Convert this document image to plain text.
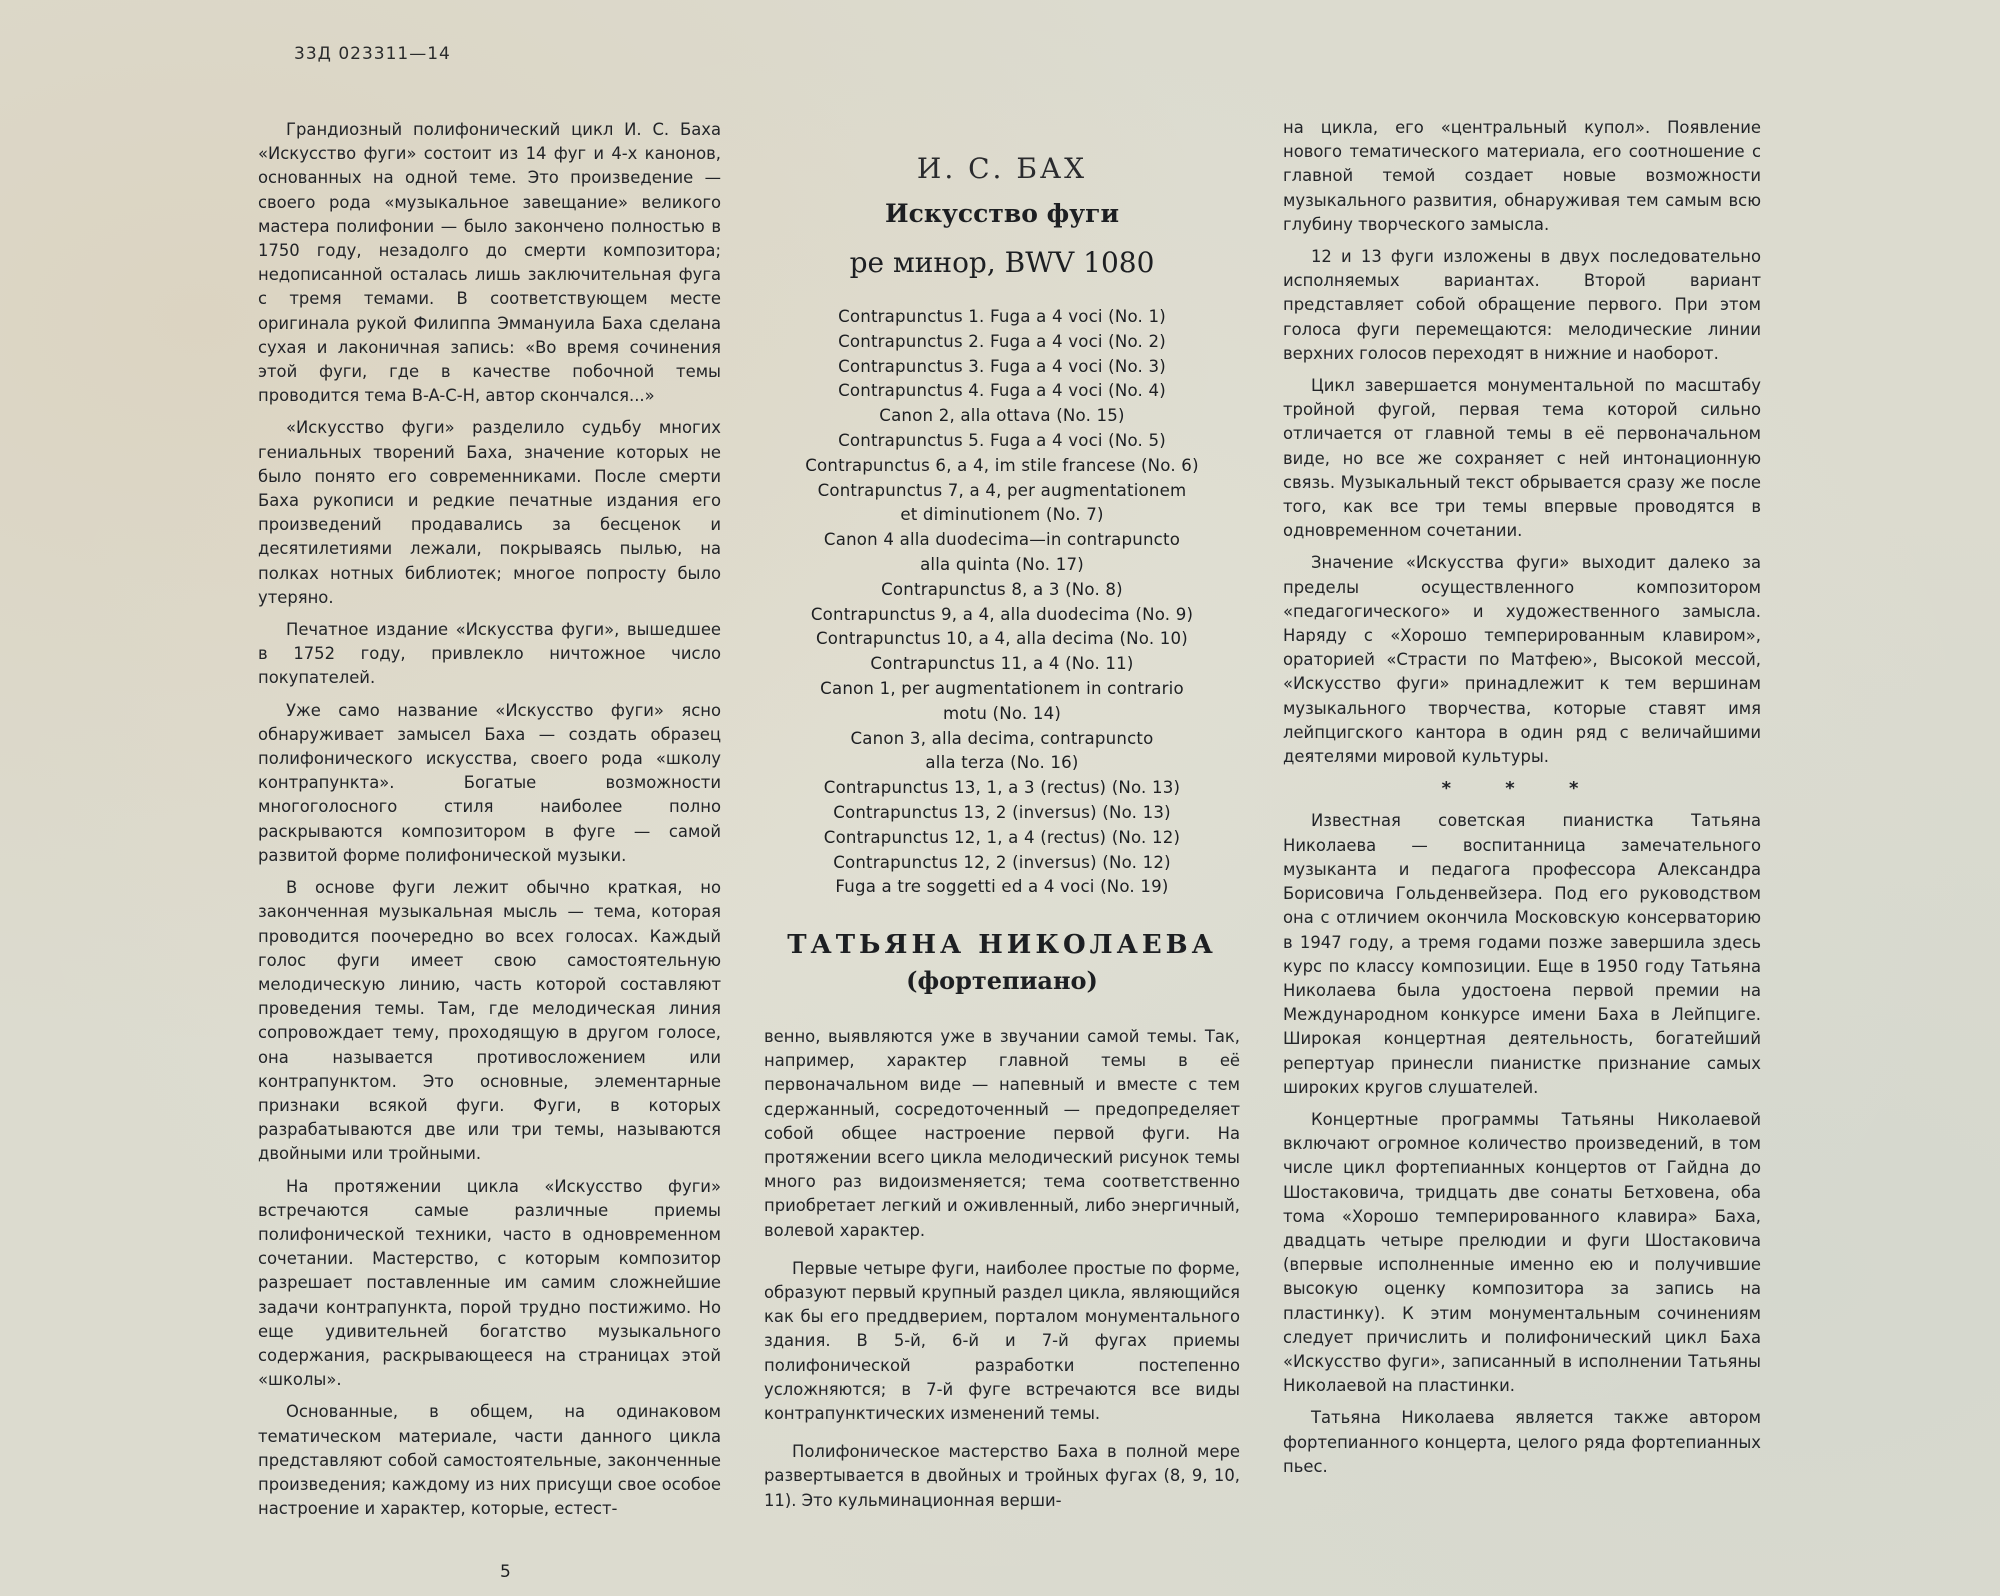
33Д 023311—14

Грандиозный полифонический цикл И. С. Баха «Искусство фуги» состоит из 14 фуг и 4-х канонов, основанных на одной теме. Это произведение — своего рода «музыкальное завещание» великого мастера полифонии — было закончено полностью в 1750 году, незадолго до смерти композитора; недописанной осталась лишь заключительная фуга с тремя темами. В соответствующем месте оригинала рукой Филиппа Эммануила Баха сделана сухая и лаконичная запись: «Во время сочинения этой фуги, где в качестве побочной темы проводится тема B-A-C-H, автор скончался...»

«Искусство фуги» разделило судьбу многих гениальных творений Баха, значение которых не было понято его современниками. После смерти Баха рукописи и редкие печатные издания его произведений продавались за бесценок и десятилетиями лежали, покрываясь пылью, на полках нотных библиотек; многое попросту было утеряно.

Печатное издание «Искусства фуги», вышедшее в 1752 году, привлекло ничтожное число покупателей.

Уже само название «Искусство фуги» ясно обнаруживает замысел Баха — создать образец полифонического искусства, своего рода «школу контрапункта». Богатые возможности многоголосного стиля наиболее полно раскрываются композитором в фуге — самой развитой форме полифонической музыки.

В основе фуги лежит обычно краткая, но законченная музыкальная мысль — тема, которая проводится поочередно во всех голосах. Каждый голос фуги имеет свою самостоятельную мелодическую линию, часть которой составляют проведения темы. Там, где мелодическая линия сопровождает тему, проходящую в другом голосе, она называется противосложением или контрапунктом. Это основные, элементарные признаки всякой фуги. Фуги, в которых разрабатываются две или три темы, называются двойными или тройными.

На протяжении цикла «Искусство фуги» встречаются самые различные приемы полифонической техники, часто в одновременном сочетании. Мастерство, с которым композитор разрешает поставленные им самим сложнейшие задачи контрапункта, порой трудно постижимо. Но еще удивительней богатство музыкального содержания, раскрывающееся на страницах этой «школы».

Основанные, в общем, на одинаковом тематическом материале, части данного цикла представляют собой самостоятельные, законченные произведения; каждому из них присущи свое особое настроение и характер, которые, естест-

И. С. БАХ
Искусство фуги
ре минор, BWV 1080
Contrapunctus 1. Fuga a 4 voci (No. 1)
Contrapunctus 2. Fuga a 4 voci (No. 2)
Contrapunctus 3. Fuga a 4 voci (No. 3)
Contrapunctus 4. Fuga a 4 voci (No. 4)
Canon 2, alla ottava (No. 15)
Contrapunctus 5. Fuga a 4 voci (No. 5)
Contrapunctus 6, a 4, im stile francese (No. 6)
Contrapunctus 7, a 4, per augmentationem
et diminutionem (No. 7)
Canon 4 alla duodecima—in contrapuncto
alla quinta (No. 17)
Contrapunctus 8, a 3 (No. 8)
Contrapunctus 9, a 4, alla duodecima (No. 9)
Contrapunctus 10, a 4, alla decima (No. 10)
Contrapunctus 11, a 4 (No. 11)
Canon 1, per augmentationem in contrario
motu (No. 14)
Canon 3, alla decima, contrapuncto
alla terza (No. 16)
Contrapunctus 13, 1, a 3 (rectus) (No. 13)
Contrapunctus 13, 2 (inversus) (No. 13)
Contrapunctus 12, 1, a 4 (rectus) (No. 12)
Contrapunctus 12, 2 (inversus) (No. 12)
Fuga a tre soggetti ed a 4 voci (No. 19)
ТАТЬЯНА НИКОЛАЕВА
(фортепиано)

венно, выявляются уже в звучании самой темы. Так, например, характер главной темы в её первоначальном виде — напевный и вместе с тем сдержанный, сосредоточенный — предопределяет собой общее настроение первой фуги. На протяжении всего цикла мелодический рисунок темы много раз видоизменяется; тема соответственно приобретает легкий и оживленный, либо энергичный, волевой характер.

Первые четыре фуги, наиболее простые по форме, образуют первый крупный раздел цикла, являющийся как бы его преддверием, порталом монументального здания. В 5-й, 6-й и 7-й фугах приемы полифонической разработки постепенно усложняются; в 7-й фуге встречаются все виды контрапунктических изменений темы.

Полифоническое мастерство Баха в полной мере развертывается в двойных и тройных фугах (8, 9, 10, 11). Это кульминационная верши-

на цикла, его «центральный купол». Появление нового тематического материала, его соотношение с главной темой создает новые возможности музыкального развития, обнаруживая тем самым всю глубину творческого замысла.

12 и 13 фуги изложены в двух последовательно исполняемых вариантах. Второй вариант представляет собой обращение первого. При этом голоса фуги перемещаются: мелодические линии верхних голосов переходят в нижние и наоборот.

Цикл завершается монументальной по масштабу тройной фугой, первая тема которой сильно отличается от главной темы в её первоначальном виде, но все же сохраняет с ней интонационную связь. Музыкальный текст обрывается сразу же после того, как все три темы впервые проводятся в одновременном сочетании.

Значение «Искусства фуги» выходит далеко за пределы осуществленного композитором «педагогического» и художественного замысла. Наряду с «Хорошо темперированным клавиром», ораторией «Страсти по Матфею», Высокой мессой, «Искусство фуги» принадлежит к тем вершинам музыкального творчества, которые ставят имя лейпцигского кантора в один ряд с величайшими деятелями мировой культуры.

* * *

Известная советская пианистка Татьяна Николаева — воспитанница замечательного музыканта и педагога профессора Александра Борисовича Гольденвейзера. Под его руководством она с отличием окончила Московскую консерваторию в 1947 году, а тремя годами позже завершила здесь курс по классу композиции. Еще в 1950 году Татьяна Николаева была удостоена первой премии на Международном конкурсе имени Баха в Лейпциге. Широкая концертная деятельность, богатейший репертуар принесли пианистке признание самых широких кругов слушателей.

Концертные программы Татьяны Николаевой включают огромное количество произведений, в том числе цикл фортепианных концертов от Гайдна до Шостаковича, тридцать две сонаты Бетховена, оба тома «Хорошо темперированного клавира» Баха, двадцать четыре прелюдии и фуги Шостаковича (впервые исполненные именно ею и получившие высокую оценку композитора за запись на пластинку). К этим монументальным сочинениям следует причислить и полифонический цикл Баха «Искусство фуги», записанный в исполнении Татьяны Николаевой на пластинки.

Татьяна Николаева является также автором фортепианного концерта, целого ряда фортепианных пьес.

5
